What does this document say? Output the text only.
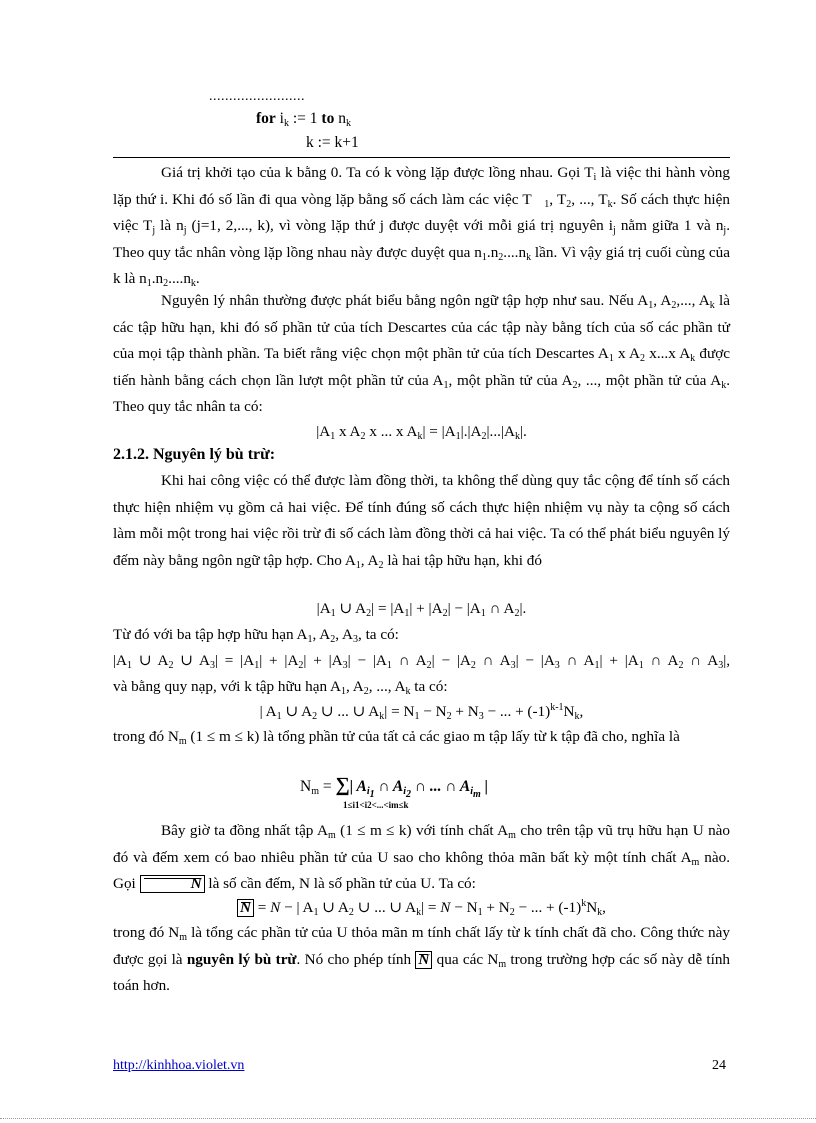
........................
for $i_k$ := 1 to $n_k$
k := k+1
Giá trị khởi tạo của k bằng 0. Ta có k vòng lặp được lồng nhau. Gọi $T_i$ là việc thi hành vòng lặp thứ i. Khi đó số lần đi qua vòng lặp bằng số cách làm các việc T   $_1$, $T_2$, ..., $T_k$. Số cách thực hiện việc $T_j$ là $n_j$ (j=1, 2,..., k), vì vòng lặp thứ j được duyệt với mỗi giá trị nguyên $i_j$ nằm giữa 1 và $n_j$. Theo quy tắc nhân vòng lặp lồng nhau này được duyệt qua $n_1.n_2....n_k$ lần. Vì vậy giá trị cuối cùng của k là $n_1.n_2....n_k$.
Nguyên lý nhân thường được phát biểu bằng ngôn ngữ tập hợp như sau. Nếu $A_1$, $A_2$,..., $A_k$ là các tập hữu hạn, khi đó số phần tử của tích Descartes của các tập này bằng tích của số các phần tử của mọi tập thành phần. Ta biết rằng việc chọn một phần tử của tích Descartes $A_1$ x $A_2$ x...x $A_k$ được tiến hành bằng cách chọn lần lượt một phần tử của $A_1$, một phần tử của $A_2$, ..., một phần tử của $A_k$. Theo quy tắc nhân ta có:
$|A_1$ x $A_2$ x ... x $A_k| = |A_1|.|A_2|...|A_k|$.
2.1.2. Nguyên lý bù trừ:
Khi hai công việc có thể được làm đồng thời, ta không thể dùng quy tắc cộng để tính số cách thực hiện nhiệm vụ gồm cả hai việc. Để tính đúng số cách thực hiện nhiệm vụ này ta cộng số cách làm mỗi một trong hai việc rồi trừ đi số cách làm đồng thời cả hai việc. Ta có thể phát biểu nguyên lý đếm này bằng ngôn ngữ tập hợp. Cho $A_1$, $A_2$ là hai tập hữu hạn, khi đó
$|A_1$ ∪ $A_2| = |A_1| + |A_2| - |A_1$ ∩ $A_2|$.
Từ đó với ba tập hợp hữu hạn $A_1$, $A_2$, $A_3$, ta có:
$|A_1$ ∪ $A_2$ ∪ $A_3| = |A_1| + |A_2| + |A_3| - |A_1$ ∩ $A_2| - |A_2$ ∩ $A_3| - |A_3$ ∩ $A_1| + |A_1$ ∩ $A_2$ ∩ $A_3|$,
và bằng quy nạp, với k tập hữu hạn $A_1$, $A_2$, ..., $A_k$ ta có:
| $A_1$ ∪ $A_2$ ∪ ... ∪ $A_k| = N_1 - N_2 + N_3$ − ... + $(-1)^{k-1}N_k$,
trong đó $N_m$ (1 ≤ m ≤ k) là tổng phần tử của tất cả các giao m tập lấy từ k tập đã cho, nghĩa là
$N_m$ = ∑| $A_{i_1}$ ∩ $A_{i_2}$ ∩ ... ∩ $A_{i_m}$ |
1≤i1<i2<...<im≤k
Bây giờ ta đồng nhất tập $A_m$ (1 ≤ m ≤ k) với tính chất $A_m$ cho trên tập vũ trụ hữu hạn U nào đó và đếm xem có bao nhiêu phần tử của U sao cho không thỏa mãn bất kỳ một tính chất $A_m$ nào. Gọi	N là số cần đếm, N là số phần tử của U. Ta có:
N = N − | $A_1$ ∪ $A_2$ ∪ ... ∪ $A_k| = N - N_1 + N_2$ − ... + $(-1)^kN_k$,
trong đó $N_m$ là tổng các phần tử của U thỏa mãn m tính chất lấy từ k tính chất đã cho. Công thức này được gọi là nguyên lý bù trừ. Nó cho phép tính N qua các $N_m$ trong trường hợp các số này dễ tính toán hơn.
http://kinhhoa.violet.vn	24
